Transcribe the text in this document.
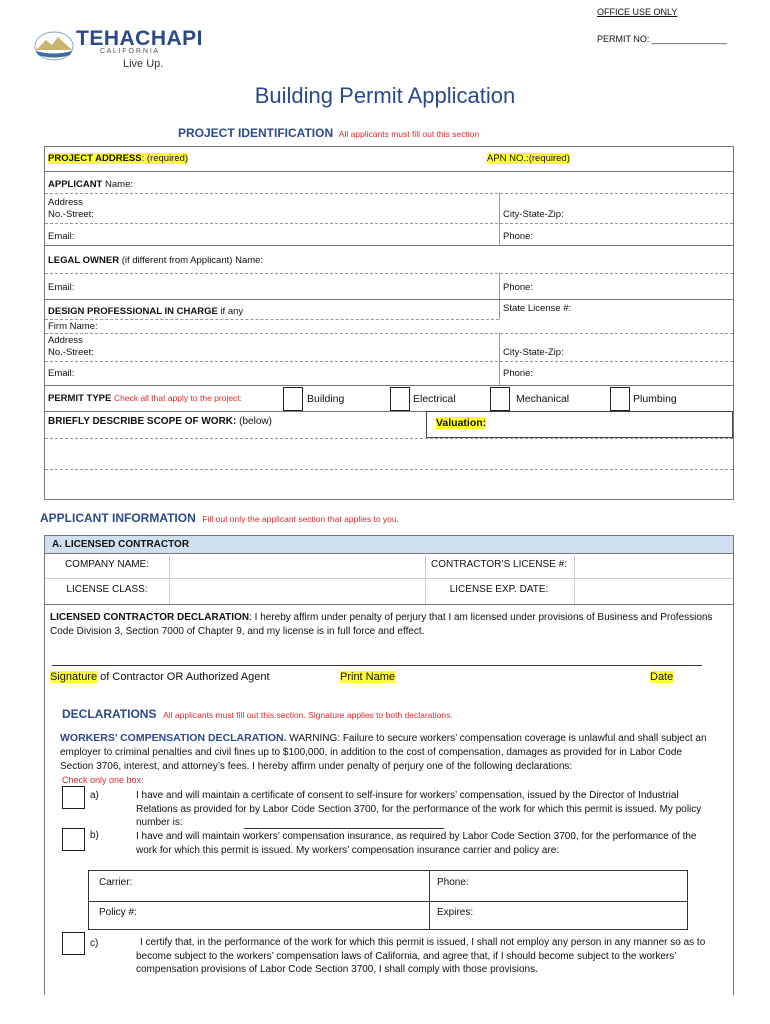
OFFICE USE ONLY
PERMIT NO: _______________
TEHACHAPI
C A L I F O R N I A
Live Up.
Building Permit Application
PROJECT IDENTIFICATION All applicants must fill out this section
PROJECT ADDRESS: (required)	APN NO.:(required)
APPLICANT Name:
Address
No.-Street:	City-State-Zip:
Email:	Phone:
LEGAL OWNER (if different from Applicant) Name:
Email:	Phone:
DESIGN PROFESSIONAL IN CHARGE if any	State License #:
Firm Name:
Address
No.-Street:	City-State-Zip:
Email:	Phone:
PERMIT TYPE Check all that apply to the project:	Building	Electrical	Mechanical	Plumbing
BRIEFLY DESCRIBE SCOPE OF WORK: (below)	Valuation:
APPLICANT INFORMATION Fill out only the applicant section that applies to you.
A. LICENSED CONTRACTOR
COMPANY NAME:	CONTRACTOR’S LICENSE #:
LICENSE CLASS:	LICENSE EXP. DATE:
LICENSED CONTRACTOR DECLARATION: I hereby affirm under penalty of perjury that I am licensed under provisions of Business and Professions Code Division 3, Section 7000 of Chapter 9, and my license is in full force and effect.
Signature of Contractor OR Authorized Agent	Print Name	Date
DECLARATIONS All applicants must fill out this section. Signature applies to both declarations.
WORKERS’ COMPENSATION DECLARATION. WARNING: Failure to secure workers’ compensation coverage is unlawful and shall subject an employer to criminal penalties and civil fines up to $100,000, in addition to the cost of compensation, damages as provided for in Labor Code Section 3706, interest, and attorney’s fees. I hereby affirm under penalty of perjury one of the following declarations:
Check only one box:
a)	I have and will maintain a certificate of consent to self-insure for workers’ compensation, issued by the Director of Industrial Relations as provided for by Labor Code Section 3700, for the performance of the work for which this permit is issued. My policy number is:
b)	I have and will maintain workers’ compensation insurance, as required by Labor Code Section 3700, for the performance of the work for which this permit is issued. My workers’ compensation insurance carrier and policy are:
Carrier:	Phone:
Policy #:	Expires:
c)	I certify that, in the performance of the work for which this permit is issued, I shall not employ any person in any manner so as to become subject to the workers’ compensation laws of California, and agree that, if I should become subject to the workers’ compensation provisions of Labor Code Section 3700, I shall comply with those provisions.
